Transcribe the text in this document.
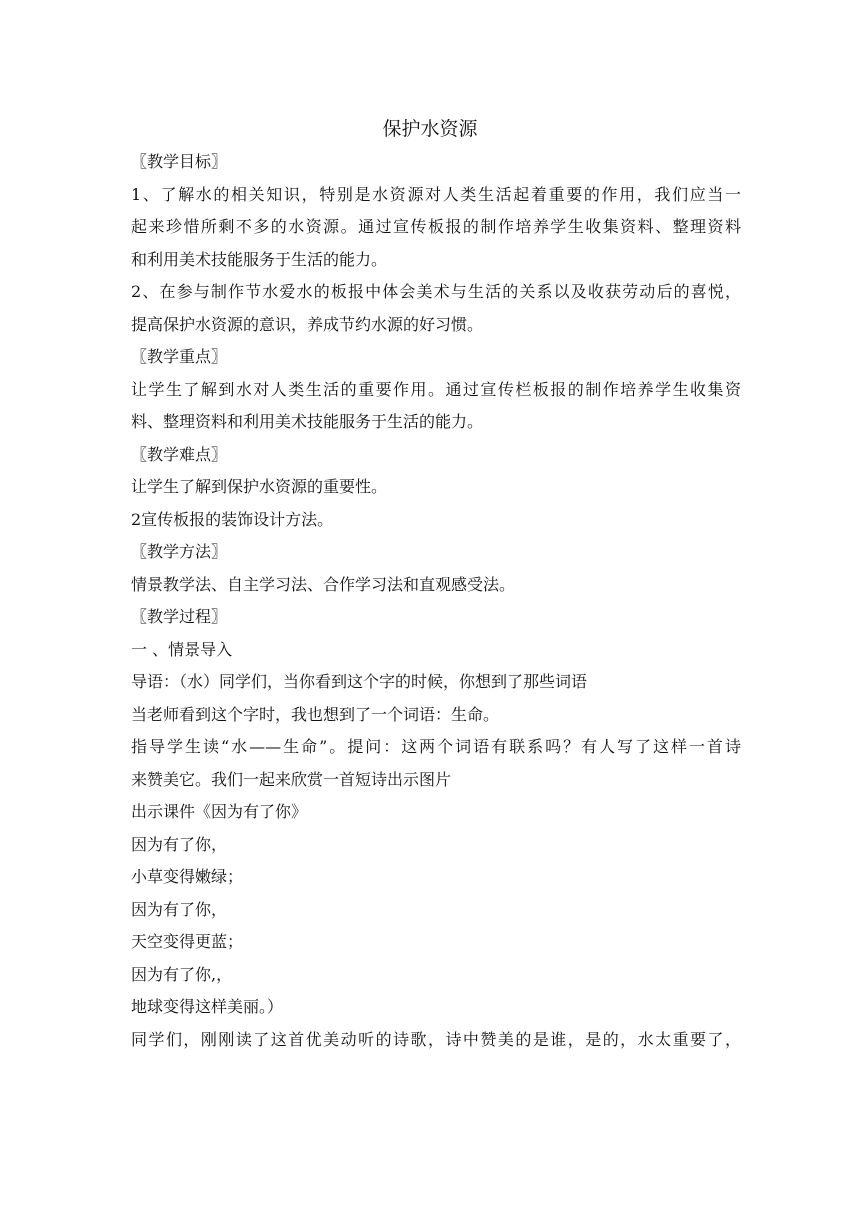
保护水资源
〖教学目标〗
1、了解水的相关知识，特别是水资源对人类生活起着重要的作用，我们应当一
起来珍惜所剩不多的水资源。通过宣传板报的制作培养学生收集资料、整理资料
和利用美术技能服务于生活的能力。
2、在参与制作节水爱水的板报中体会美术与生活的关系以及收获劳动后的喜悦，
提高保护水资源的意识，养成节约水源的好习惯。
〖教学重点〗
让学生了解到水对人类生活的重要作用。通过宣传栏板报的制作培养学生收集资
料、整理资料和利用美术技能服务于生活的能力。
〖教学难点〗
让学生了解到保护水资源的重要性。
2宣传板报的装饰设计方法。
〖教学方法〗
情景教学法、自主学习法、合作学习法和直观感受法。
〖教学过程〗
一 、情景导入
导语：（水）同学们，当你看到这个字的时候，你想到了那些词语
当老师看到这个字时，我也想到了一个词语：生命。
指导学生读“水——生命”。提问：这两个词语有联系吗？有人写了这样一首诗
来赞美它。我们一起来欣赏一首短诗出示图片
出示课件《因为有了你》
因为有了你，
小草变得嫩绿；
因为有了你，
天空变得更蓝；
因为有了你,，
地球变得这样美丽。）
同学们，刚刚读了这首优美动听的诗歌，诗中赞美的是谁，是的，水太重要了，
